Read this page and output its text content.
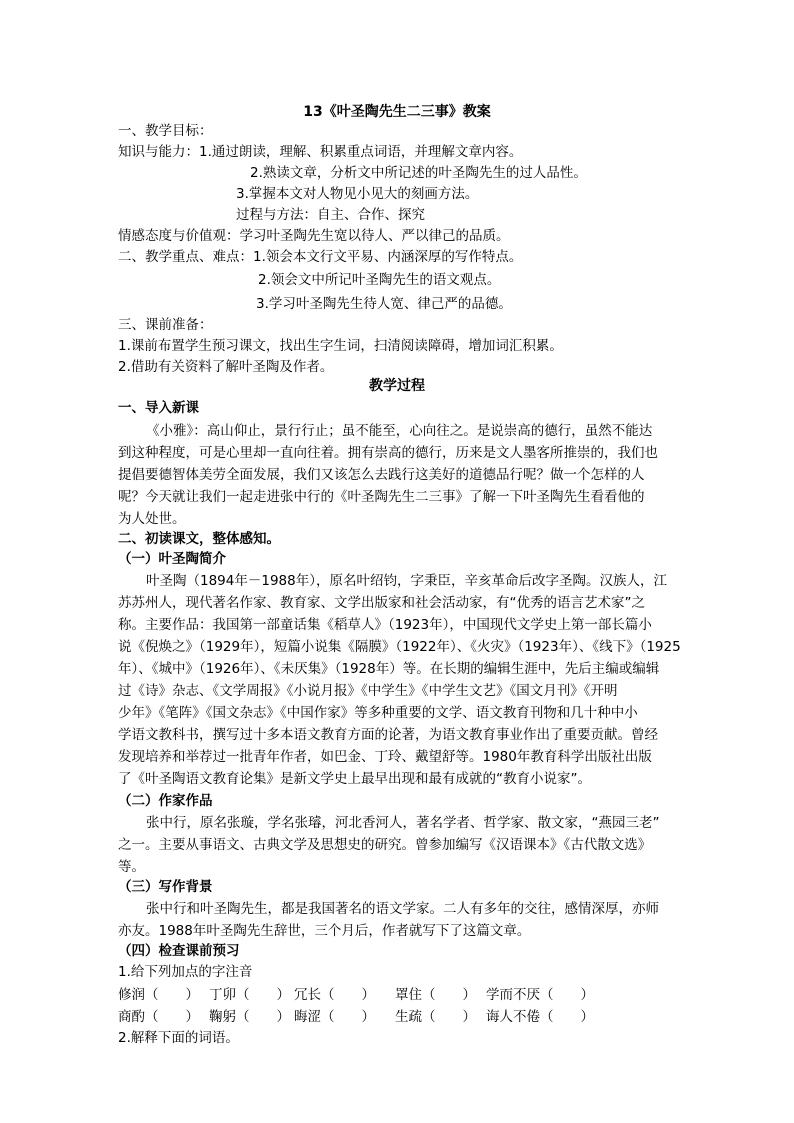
13《叶圣陶先生二三事》教案
一、教学目标：
知识与能力：1.通过朗读，理解、积累重点词语，并理解文章内容。
2.熟读文章，分析文中所记述的叶圣陶先生的过人品性。
3.掌握本文对人物见小见大的刻画方法。
过程与方法：自主、合作、探究
情感态度与价值观：学习叶圣陶先生宽以待人、严以律己的品质。
二、教学重点、难点：1.领会本文行文平易、内涵深厚的写作特点。
2.领会文中所记叶圣陶先生的语文观点。
3.学习叶圣陶先生待人宽、律己严的品德。
三、课前准备：
1.课前布置学生预习课文，找出生字生词，扫清阅读障碍，增加词汇积累。
2.借助有关资料了解叶圣陶及作者。
教学过程
一、导入新课
《小雅》：高山仰止，景行行止；虽不能至，心向往之。是说崇高的德行，虽然不能达
到这种程度，可是心里却一直向往着。拥有崇高的德行，历来是文人墨客所推崇的，我们也
提倡要德智体美劳全面发展，我们又该怎么去践行这美好的道德品行呢？做一个怎样的人
呢？今天就让我们一起走进张中行的《叶圣陶先生二三事》了解一下叶圣陶先生看看他的
为人处世。
二、初读课文，整体感知。
（一）叶圣陶简介
叶圣陶（1894年－1988年），原名叶绍钧，字秉臣，辛亥革命后改字圣陶。汉族人，江
苏苏州人，现代著名作家、教育家、文学出版家和社会活动家，有“优秀的语言艺术家”之
称。主要作品：我国第一部童话集《稻草人》（1923年），中国现代文学史上第一部长篇小
说《倪焕之》（1929年），短篇小说集《隔膜》（1922年）、《火灾》（1923年）、《线下》（1925
年）、《城中》（1926年）、《未厌集》（1928年）等。在长期的编辑生涯中，先后主编或编辑
过《诗》杂志、《文学周报》《小说月报》《中学生》《中学生文艺》《国文月刊》《开明
少年》《笔阵》《国文杂志》《中国作家》等多种重要的文学、语文教育刊物和几十种中小
学语文教科书，撰写过十多本语文教育方面的论著，为语文教育事业作出了重要贡献。曾经
发现培养和举荐过一批青年作者，如巴金、丁玲、戴望舒等。1980年教育科学出版社出版
了《叶圣陶语文教育论集》是新文学史上最早出现和最有成就的“教育小说家”。
（二）作家作品
张中行，原名张璇，学名张璿，河北香河人，著名学者、哲学家、散文家，“燕园三老”
之一。主要从事语文、古典文学及思想史的研究。曾参加编写《汉语课本》《古代散文选》
等。
（三）写作背景
张中行和叶圣陶先生，都是我国著名的语文学家。二人有多年的交往，感情深厚，亦师
亦友。1988年叶圣陶先生辞世，三个月后，作者就写下了这篇文章。
（四）检查课前预习
1.给下列加点的字注音
修润（　　） 丁卯（　　） 冗长（　　） 罩住（　　） 学而不厌（　　）
商酌（　　） 鞠躬（　　） 晦涩（　　） 生疏（　　） 诲人不倦（　　）
2.解释下面的词语。
